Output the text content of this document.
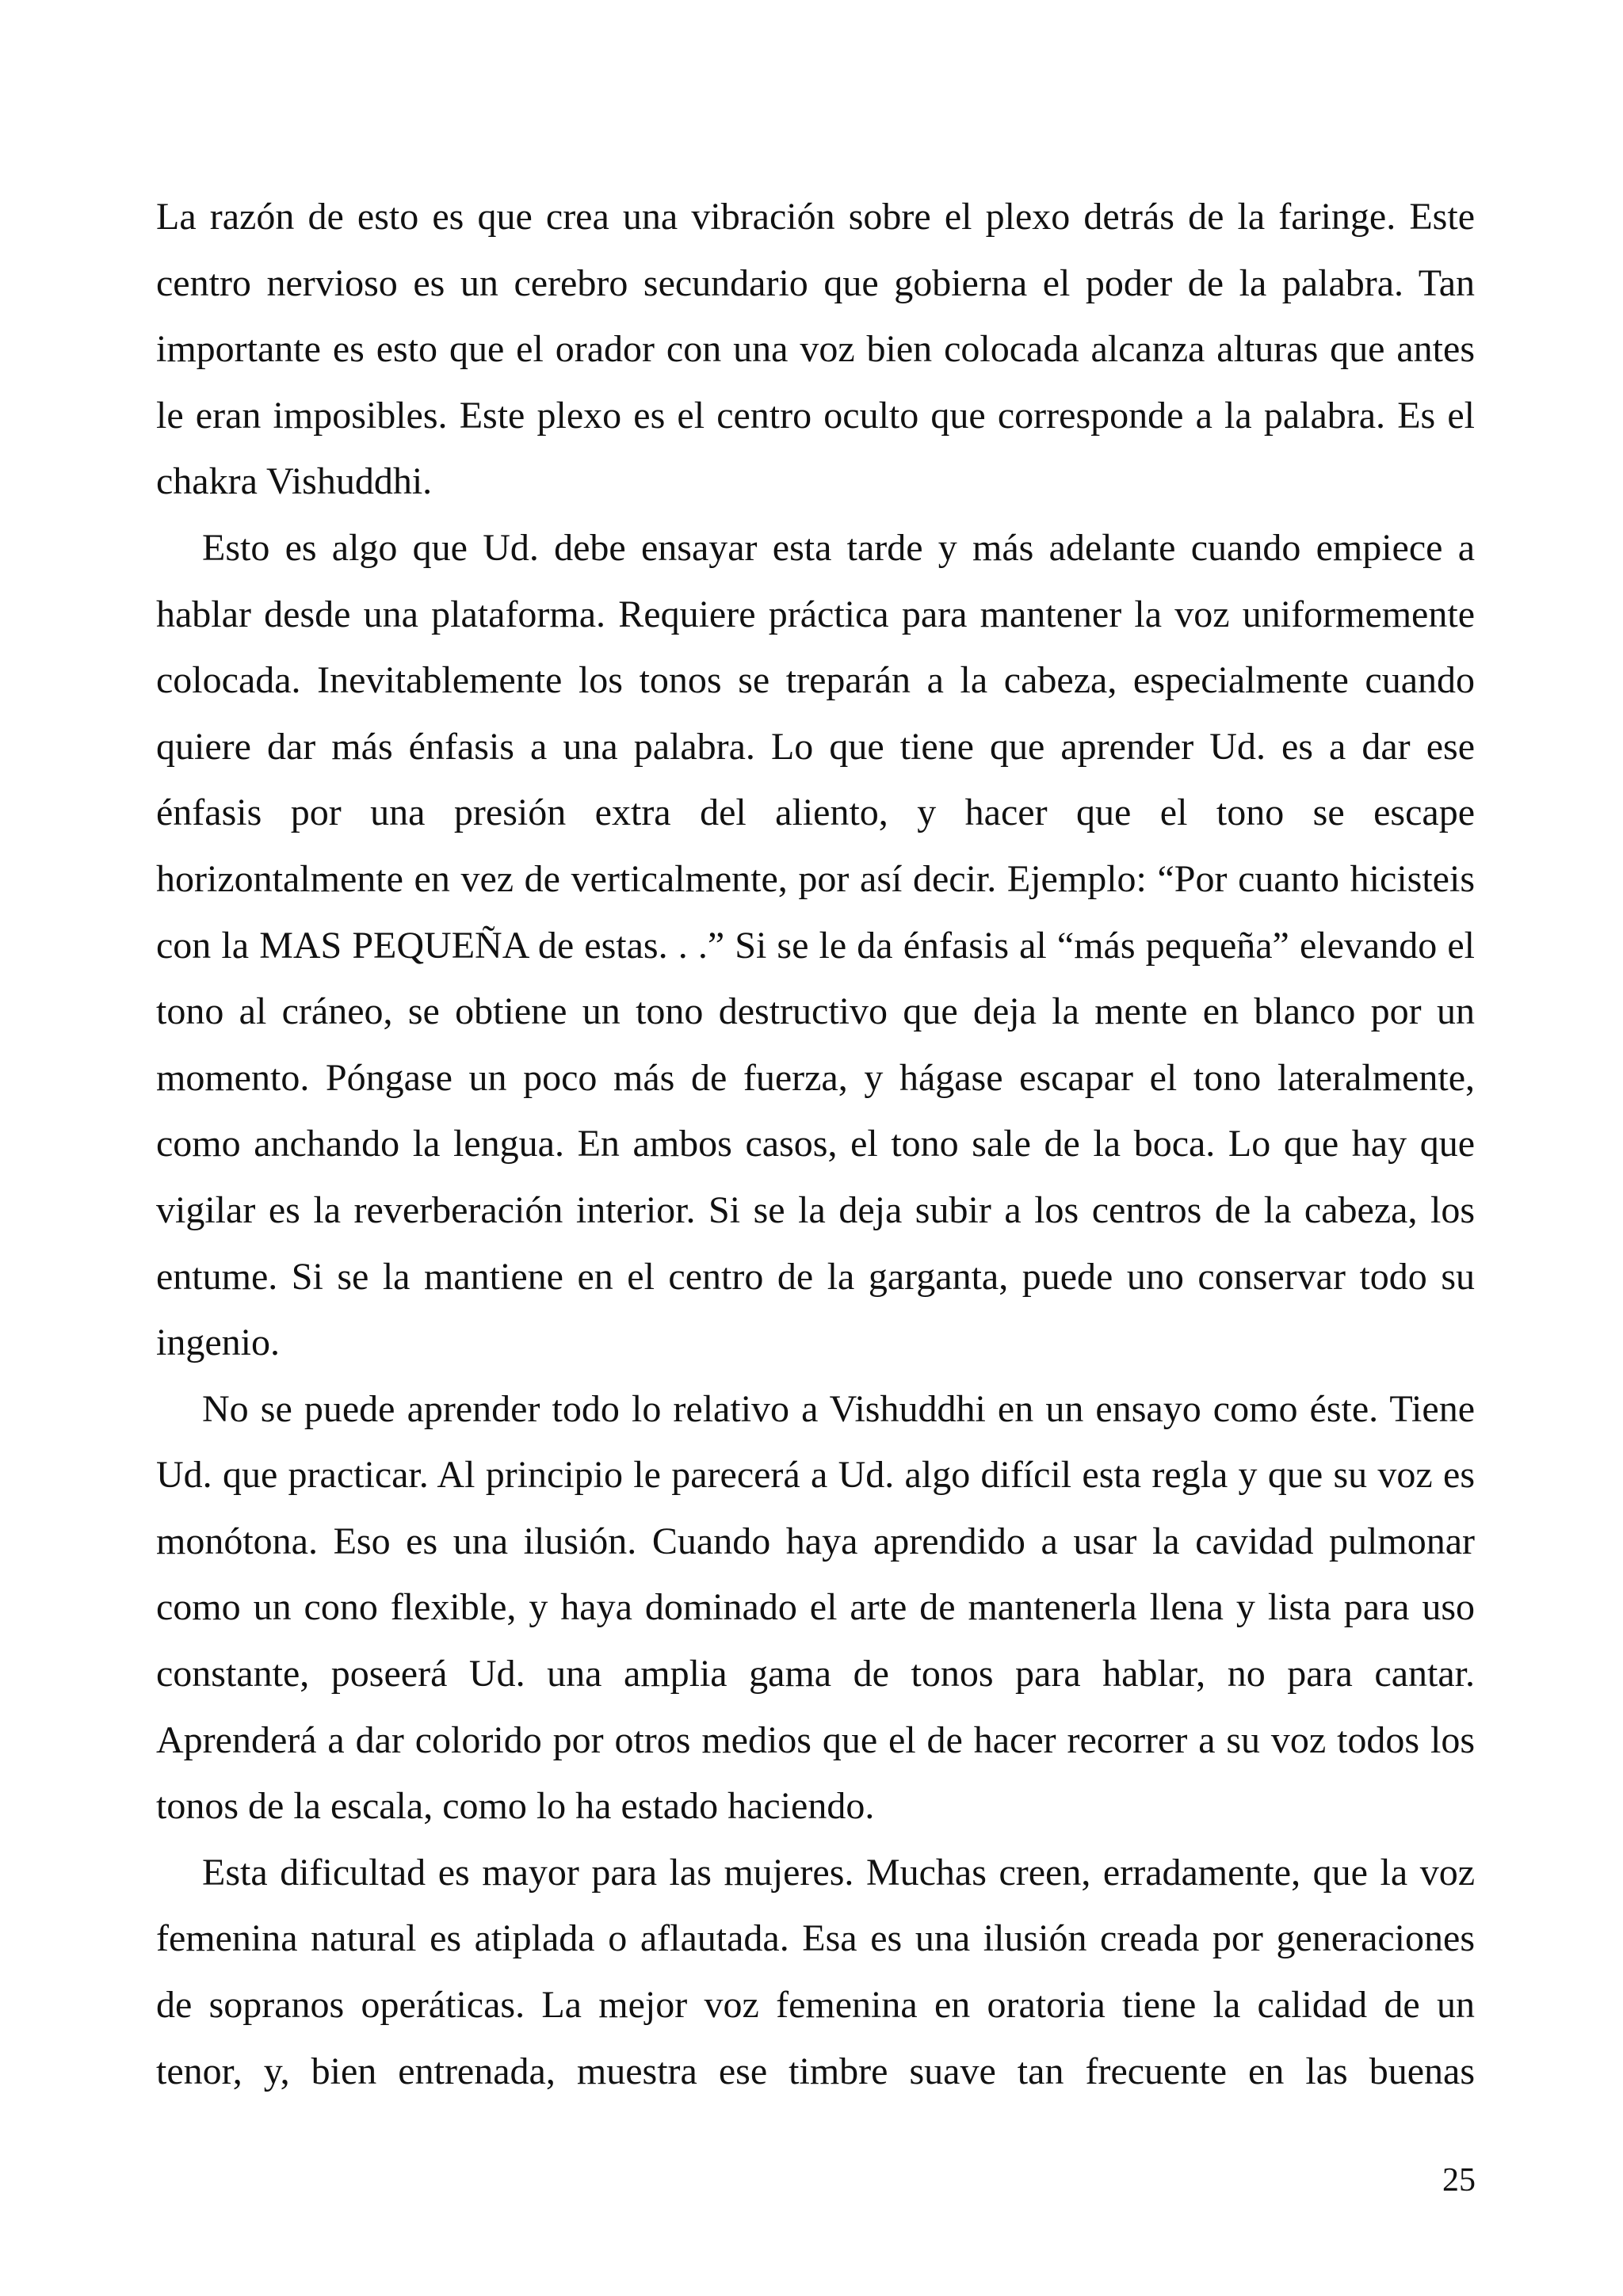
La razón de esto es que crea una vibración sobre el plexo detrás de la faringe. Este centro nervioso es un cerebro secundario que gobierna el poder de la palabra. Tan importante es esto que el orador con una voz bien colocada alcanza alturas que antes le eran imposibles. Este plexo es el centro oculto que corresponde a la palabra. Es el chakra Vishuddhi.

Esto es algo que Ud. debe ensayar esta tarde y más adelante cuando empiece a hablar desde una plataforma. Requiere práctica para mantener la voz uniformemente colocada. Inevitablemente los tonos se treparán a la cabeza, especialmente cuando quiere dar más énfasis a una palabra. Lo que tiene que aprender Ud. es a dar ese énfasis por una presión extra del aliento, y hacer que el tono se escape horizontalmente en vez de verticalmente, por así decir. Ejemplo: “Por cuanto hicisteis con la MAS PEQUEÑA de estas. . .” Si se le da énfasis al “más pequeña” elevando el tono al cráneo, se obtiene un tono destructivo que deja la mente en blanco por un momento. Póngase un poco más de fuerza, y hágase escapar el tono lateralmente, como anchando la lengua. En ambos casos, el tono sale de la boca. Lo que hay que vigilar es la reverberación interior. Si se la deja subir a los centros de la cabeza, los entume. Si se la mantiene en el centro de la garganta, puede uno conservar todo su ingenio.

No se puede aprender todo lo relativo a Vishuddhi en un ensayo como éste. Tiene Ud. que practicar. Al principio le parecerá a Ud. algo difícil esta regla y que su voz es monótona. Eso es una ilusión. Cuando haya aprendido a usar la cavidad pulmonar como un cono flexible, y haya dominado el arte de mantenerla llena y lista para uso constante, poseerá Ud. una amplia gama de tonos para hablar, no para cantar. Aprenderá a dar colorido por otros medios que el de hacer recorrer a su voz todos los tonos de la escala, como lo ha estado haciendo.

Esta dificultad es mayor para las mujeres. Muchas creen, erradamente, que la voz femenina natural es atiplada o aflautada. Esa es una ilusión creada por generaciones de sopranos operáticas. La mejor voz femenina en oratoria tiene la calidad de un tenor, y, bien entrenada, muestra ese timbre suave tan frecuente en las buenas

25
